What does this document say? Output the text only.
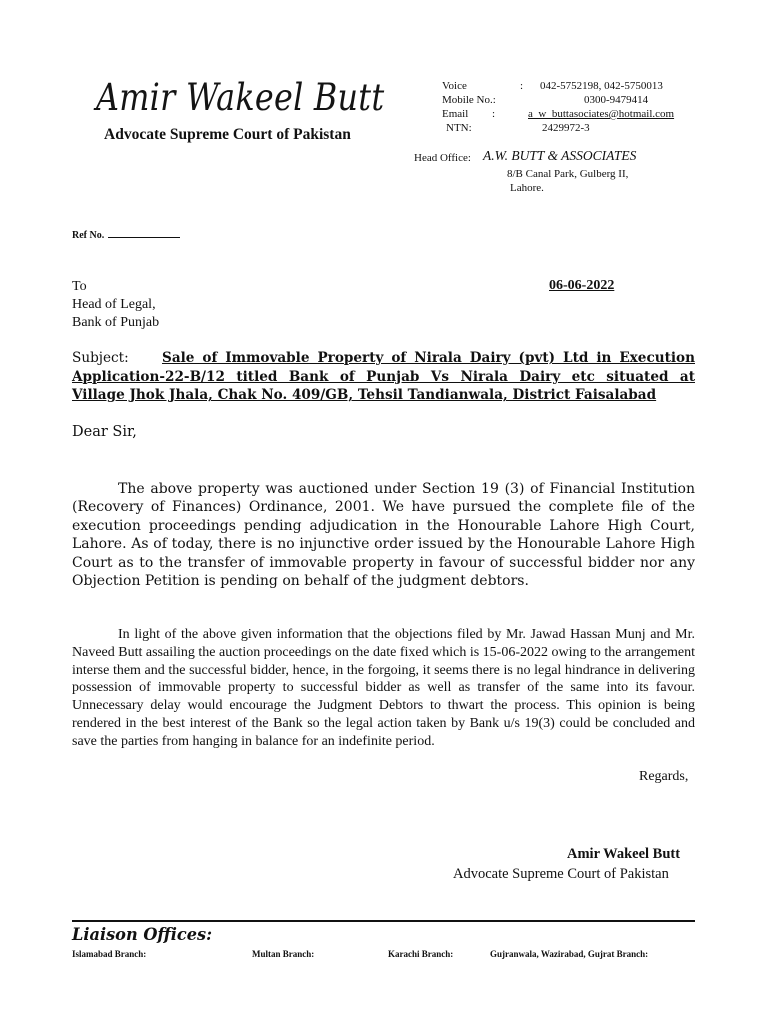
Amir Wakeel Butt
Advocate Supreme Court of Pakistan
Voice	: 042-5752198, 042-5750013
Mobile No.:	0300-9479414
Email :	a_w_buttasociates@hotmail.com
NTN:	2429972-3
Head Office: A.W. BUTT & ASSOCIATES
8/B Canal Park, Gulberg II,
Lahore.
Ref No.
To
Head of Legal,
Bank of Punjab
06-06-2022
Subject: Sale of Immovable Property of Nirala Dairy (pvt) Ltd in Execution
Application-22-B/12 titled Bank of Punjab Vs Nirala Dairy etc situated at
Village Jhok Jhala, Chak No. 409/GB, Tehsil Tandianwala, District Faisalabad
Dear Sir,
The above property was auctioned under Section 19 (3) of Financial Institution (Recovery of Finances) Ordinance, 2001. We have pursued the complete file of the execution proceedings pending adjudication in the Honourable Lahore High Court, Lahore. As of today, there is no injunctive order issued by the Honourable Lahore High Court as to the transfer of immovable property in favour of successful bidder nor any Objection Petition is pending on behalf of the judgment debtors.
In light of the above given information that the objections filed by Mr. Jawad Hassan Munj and Mr. Naveed Butt assailing the auction proceedings on the date fixed which is 15-06-2022 owing to the arrangement interse them and the successful bidder, hence, in the forgoing, it seems there is no legal hindrance in delivering possession of immovable property to successful bidder as well as transfer of the same into its favour. Unnecessary delay would encourage the Judgment Debtors to thwart the process. This opinion is being rendered in the best interest of the Bank so the legal action taken by Bank u/s 19(3) could be concluded and save the parties from hanging in balance for an indefinite period.
Regards,
Amir Wakeel Butt
Advocate Supreme Court of Pakistan
Liaison Offices:
Islamabad Branch:	Multan Branch:	Karachi Branch:	Gujranwala, Wazirabad, Gujrat Branch:
